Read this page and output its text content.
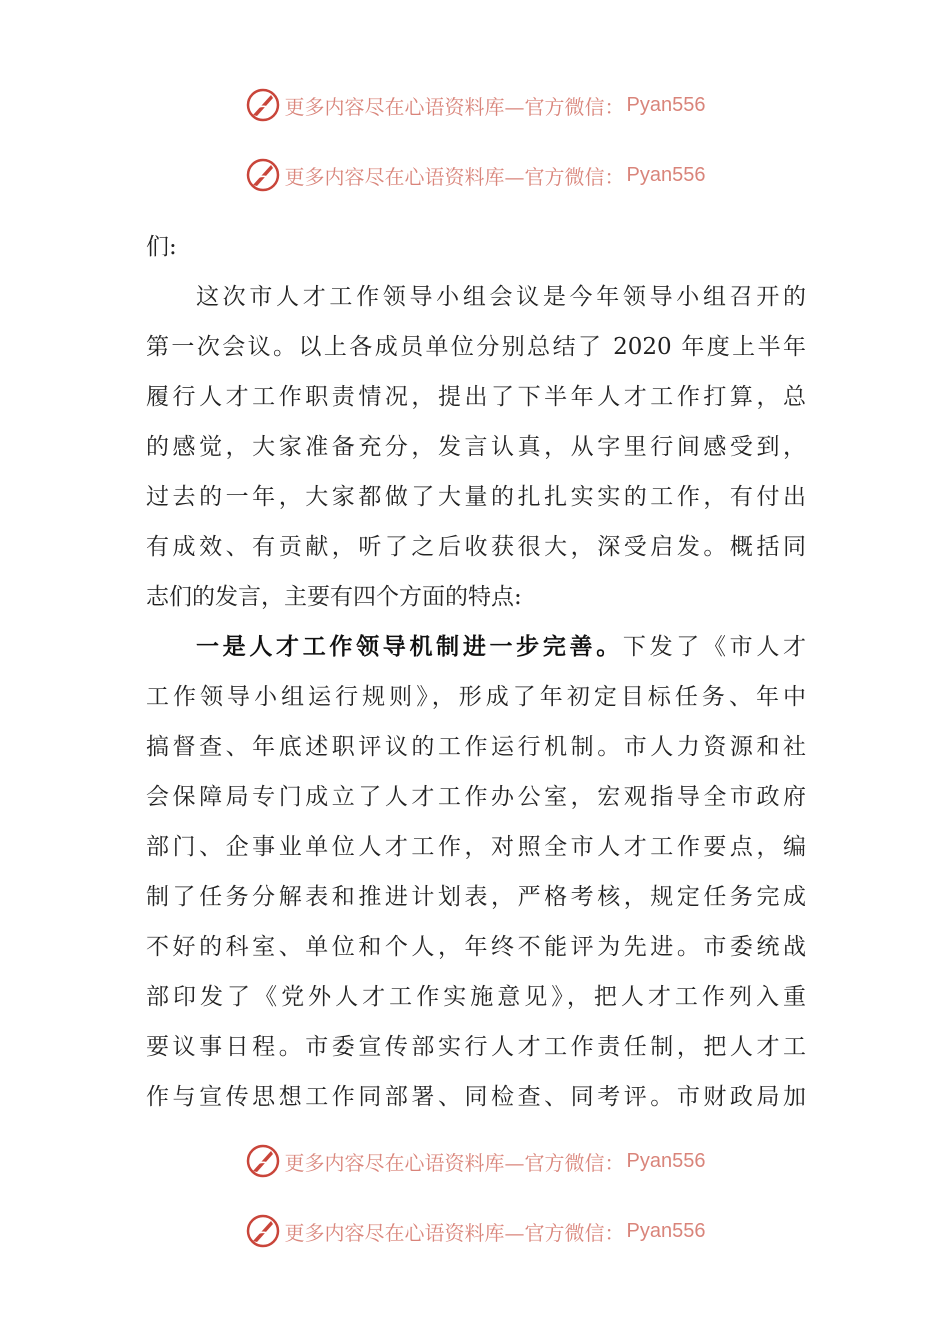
更多内容尽在心语资料库—官方微信： Pyan556
更多内容尽在心语资料库—官方微信： Pyan556
们:
这次市人才工作领导小组会议是今年领导小组召开的
第一次会议。以上各成员单位分别总结了 2020 年度上半年
履行人才工作职责情况，提出了下半年人才工作打算，总
的感觉，大家准备充分，发言认真，从字里行间感受到，
过去的一年，大家都做了大量的扎扎实实的工作，有付出
有成效、有贡献，听了之后收获很大，深受启发。概括同
志们的发言，主要有四个方面的特点:
一是人才工作领导机制进一步完善。下发了《市人才
工作领导小组运行规则》，形成了年初定目标任务、年中
搞督查、年底述职评议的工作运行机制。市人力资源和社
会保障局专门成立了人才工作办公室，宏观指导全市政府
部门、企事业单位人才工作，对照全市人才工作要点，编
制了任务分解表和推进计划表，严格考核，规定任务完成
不好的科室、单位和个人，年终不能评为先进。市委统战
部印发了《党外人才工作实施意见》，把人才工作列入重
要议事日程。市委宣传部实行人才工作责任制，把人才工
作与宣传思想工作同部署、同检查、同考评。市财政局加
更多内容尽在心语资料库—官方微信： Pyan556
更多内容尽在心语资料库—官方微信： Pyan556
